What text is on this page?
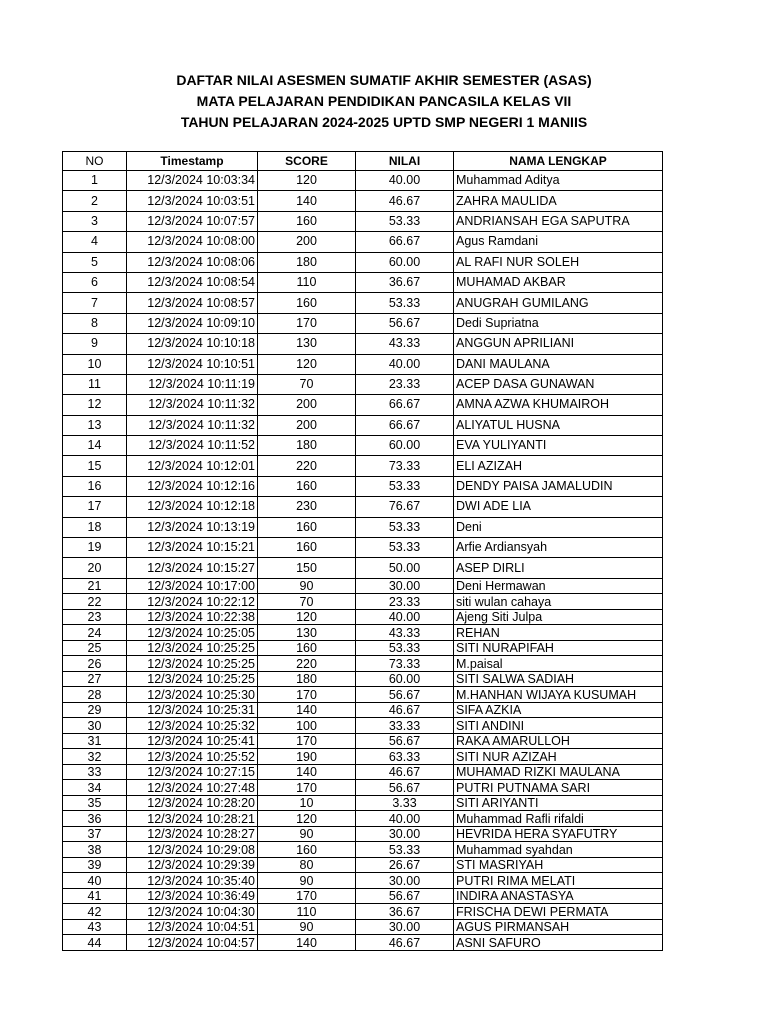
DAFTAR NILAI ASESMEN SUMATIF AKHIR SEMESTER (ASAS)
MATA PELAJARAN PENDIDIKAN PANCASILA KELAS VII
TAHUN PELAJARAN 2024-2025 UPTD SMP NEGERI 1 MANIIS
NO	Timestamp	SCORE	NILAI	NAMA LENGKAP
1	12/3/2024 10:03:34	120	40.00	Muhammad Aditya
2	12/3/2024 10:03:51	140	46.67	ZAHRA MAULIDA
3	12/3/2024 10:07:57	160	53.33	ANDRIANSAH EGA SAPUTRA
4	12/3/2024 10:08:00	200	66.67	Agus Ramdani
5	12/3/2024 10:08:06	180	60.00	AL RAFI NUR SOLEH
6	12/3/2024 10:08:54	110	36.67	MUHAMAD AKBAR
7	12/3/2024 10:08:57	160	53.33	ANUGRAH GUMILANG
8	12/3/2024 10:09:10	170	56.67	Dedi Supriatna
9	12/3/2024 10:10:18	130	43.33	ANGGUN APRILIANI
10	12/3/2024 10:10:51	120	40.00	DANI MAULANA
11	12/3/2024 10:11:19	70	23.33	ACEP DASA GUNAWAN
12	12/3/2024 10:11:32	200	66.67	AMNA AZWA KHUMAIROH
13	12/3/2024 10:11:32	200	66.67	ALIYATUL HUSNA
14	12/3/2024 10:11:52	180	60.00	EVA YULIYANTI
15	12/3/2024 10:12:01	220	73.33	ELI AZIZAH
16	12/3/2024 10:12:16	160	53.33	DENDY PAISA JAMALUDIN
17	12/3/2024 10:12:18	230	76.67	DWI ADE LIA
18	12/3/2024 10:13:19	160	53.33	Deni
19	12/3/2024 10:15:21	160	53.33	Arfie Ardiansyah
20	12/3/2024 10:15:27	150	50.00	ASEP DIRLI
21	12/3/2024 10:17:00	90	30.00	Deni Hermawan
22	12/3/2024 10:22:12	70	23.33	siti wulan cahaya
23	12/3/2024 10:22:38	120	40.00	Ajeng Siti Julpa
24	12/3/2024 10:25:05	130	43.33	REHAN
25	12/3/2024 10:25:25	160	53.33	SITI NURAPIFAH
26	12/3/2024 10:25:25	220	73.33	M.paisal
27	12/3/2024 10:25:25	180	60.00	SITI SALWA SADIAH
28	12/3/2024 10:25:30	170	56.67	M.HANHAN WIJAYA KUSUMAH
29	12/3/2024 10:25:31	140	46.67	SIFA AZKIA
30	12/3/2024 10:25:32	100	33.33	SITI ANDINI
31	12/3/2024 10:25:41	170	56.67	RAKA AMARULLOH
32	12/3/2024 10:25:52	190	63.33	SITI NUR AZIZAH
33	12/3/2024 10:27:15	140	46.67	MUHAMAD RIZKI MAULANA
34	12/3/2024 10:27:48	170	56.67	PUTRI PUTNAMA SARI
35	12/3/2024 10:28:20	10	3.33	SITI ARIYANTI
36	12/3/2024 10:28:21	120	40.00	Muhammad Rafli rifaldi
37	12/3/2024 10:28:27	90	30.00	HEVRIDA HERA SYAFUTRY
38	12/3/2024 10:29:08	160	53.33	Muhammad syahdan
39	12/3/2024 10:29:39	80	26.67	STI MASRIYAH
40	12/3/2024 10:35:40	90	30.00	PUTRI RIMA MELATI
41	12/3/2024 10:36:49	170	56.67	INDIRA ANASTASYA
42	12/3/2024 10:04:30	110	36.67	FRISCHA DEWI PERMATA
43	12/3/2024 10:04:51	90	30.00	AGUS PIRMANSAH
44	12/3/2024 10:04:57	140	46.67	ASNI SAFURO
